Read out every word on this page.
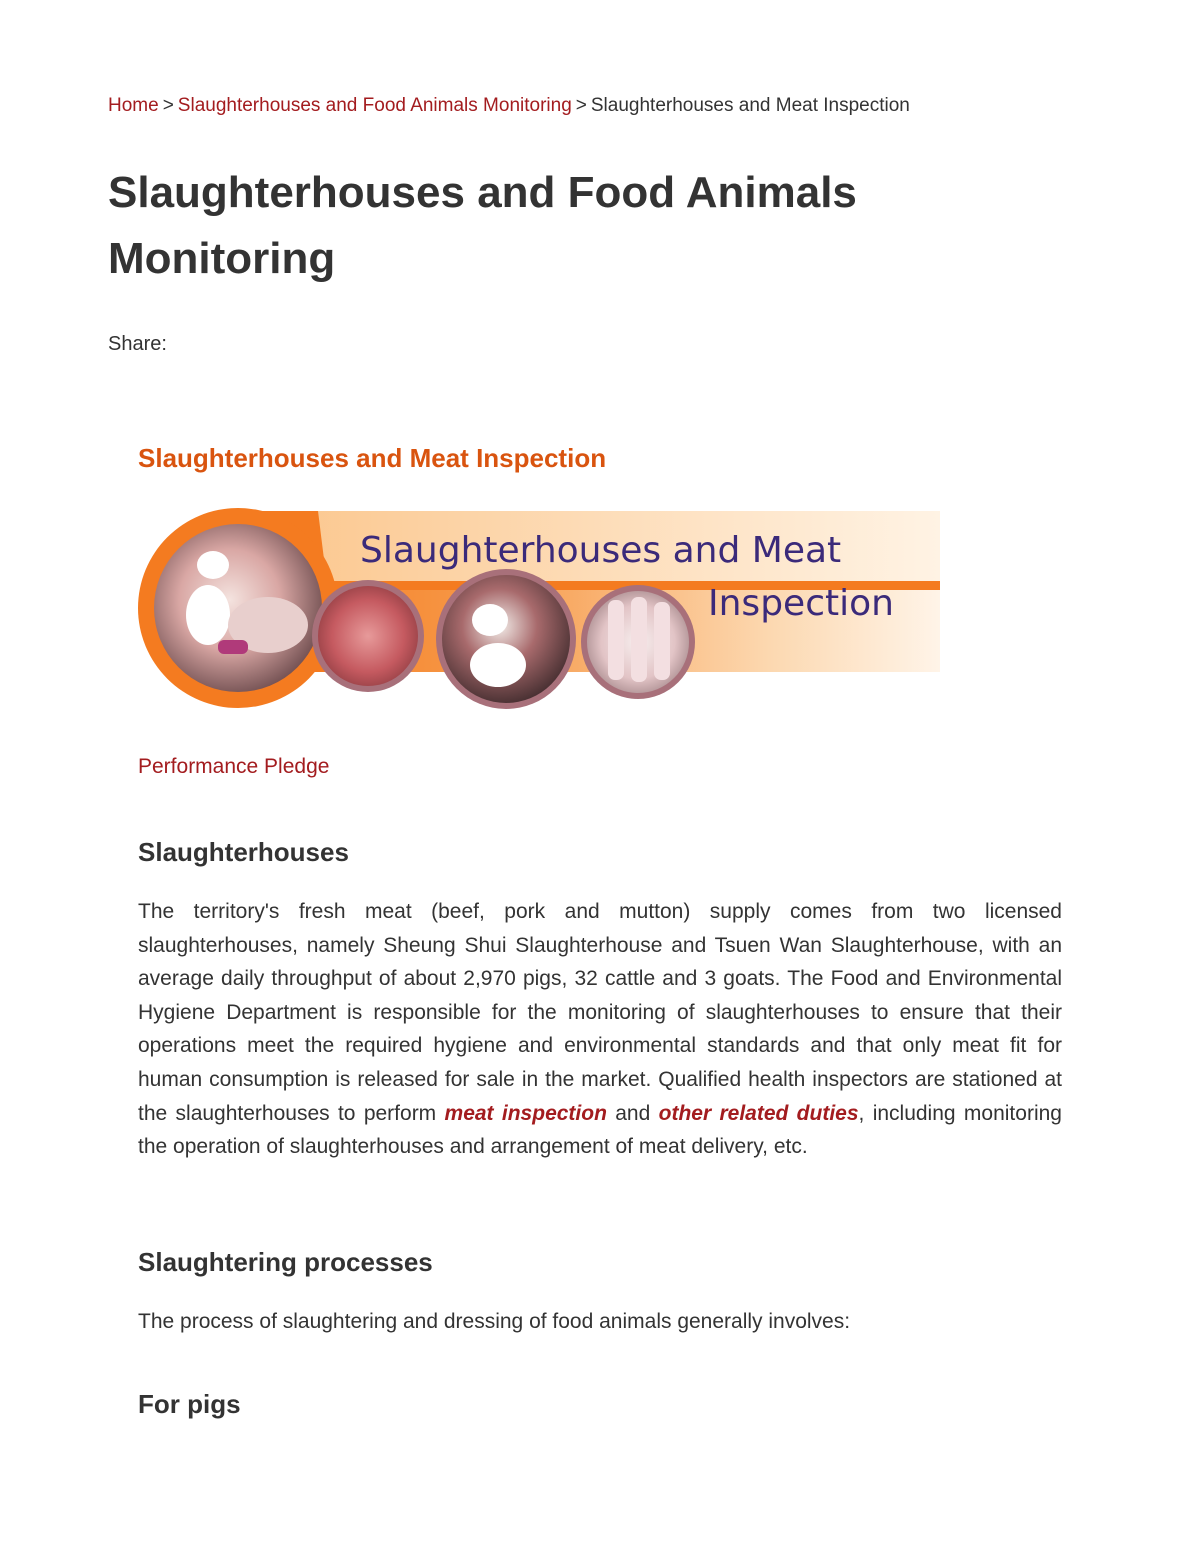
Home > Slaughterhouses and Food Animals Monitoring > Slaughterhouses and Meat Inspection
Slaughterhouses and Food Animals Monitoring
Share:
Slaughterhouses and Meat Inspection
Slaughterhouses and Meat
Inspection
Performance Pledge
Slaughterhouses

The territory's fresh meat (beef, pork and mutton) supply comes from two licensed slaughterhouses, namely Sheung Shui Slaughterhouse and Tsuen Wan Slaughterhouse, with an average daily throughput of about 2,970 pigs, 32 cattle and 3 goats. The Food and Environmental Hygiene Department is responsible for the monitoring of slaughterhouses to ensure that their operations meet the required hygiene and environmental standards and that only meat fit for human consumption is released for sale in the market. Qualified health inspectors are stationed at the slaughterhouses to perform meat inspection and other related duties, including monitoring the operation of slaughterhouses and arrangement of meat delivery, etc.

Slaughtering processes

The process of slaughtering and dressing of food animals generally involves:

For pigs
